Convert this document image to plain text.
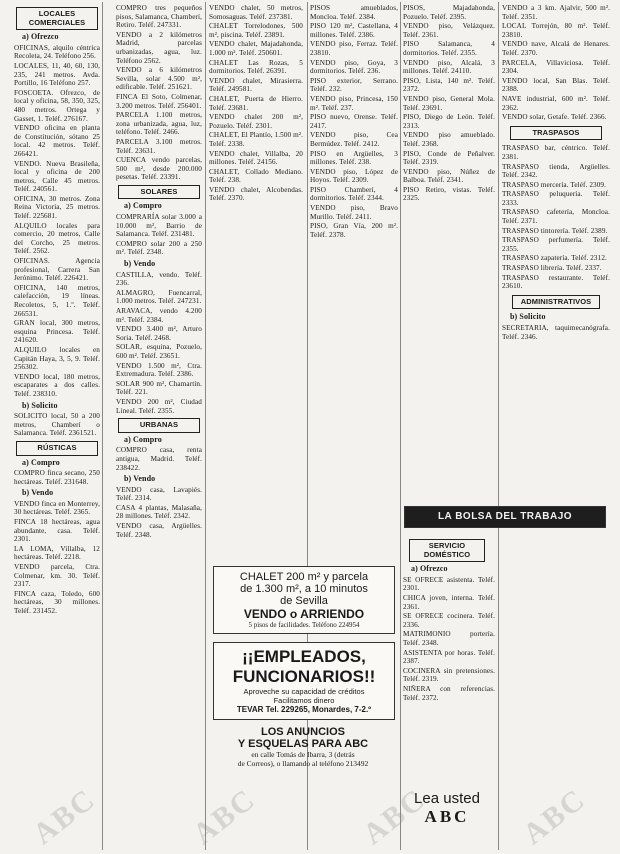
LOCALES COMERCIALES
a) Ofrezco

OFICINAS, alquilo céntrica Recoleta, 24. Teléfono 256.

LOCALES, 11, 40, 60, 130, 235, 241 metros. Avda. Portillo, 16 Teléfono 257.

FOSCOETA. Ofrezco, de local y oficina, 58, 350, 325, 480 metros. Ortega y Gasset, 1. Teléf. 276167.

VENDO oficina en planta de Constitución, sótano 25 local. 42 metros. Teléf. 266421.

VENDO. Nueva Brasileña, local y oficina de 200 metros, Calle 45 metros. Teléf. 240561.

OFICINA, 30 metros. Zona Reina Victoria, 25 metros. Teléf. 225681.

ALQUILO locales para comercio, 20 metros, Calle del Corcho, 25 metros. Teléf. 2562.

OFICINAS. Agencia profesional, Carrera San Jerónimo. Teléf. 226421.

OFICINA, 140 metros, calefacción, 19 líneas. Recoletos, 5, 1.º. Teléf. 266531.

GRAN local, 300 metros, esquina Princesa. Teléf. 241620.

ALQUILO locales en Capitán Haya, 3, 5, 9. Teléf. 256302.

VENDO local, 180 metros, escaparates a dos calles. Teléf. 238310.

b) Solicito

SOLICITO local, 50 a 200 metros, Chamberí o Salamanca. Teléf. 2361521.

RÚSTICAS
a) Compro

COMPRO finca secano, 250 hectáreas. Teléf. 231648.

b) Vendo

VENDO finca en Monterrey, 30 hectáreas. Teléf. 2365.

FINCA 18 hectáreas, agua abundante, casa. Teléf. 2301.

LA LOMA, Villalba, 12 hectáreas. Teléf. 2218.

VENDO parcela, Ctra. Colmenar, km. 30. Teléf. 2317.

FINCA caza, Toledo, 600 hectáreas, 30 millones. Teléf. 231452.

COMPRO tres pequeños pisos, Salamanca, Chamberí, Retiro. Teléf. 247331.

VENDO a 2 kilómetros Madrid, parcelas urbanizadas, agua, luz. Teléfono 2562.

VENDO a 6 kilómetros Sevilla, solar 4.500 m², edificable. Teléf. 251621.

FINCA El Soto, Colmenar, 3.200 metros. Teléf. 256401.

PARCELA 1.100 metros, zona urbanizada, agua, luz, teléfono. Teléf. 2466.

PARCELA 3.100 metros. Teléf. 23631.

CUENCA vendo parcelas, 500 m², desde 200.000 pesetas. Teléf. 23391.

SOLARES
a) Compro

COMPRARÍA solar 3.000 a 10.000 m², Barrio de Salamanca. Teléf. 231481.

COMPRO solar 200 a 250 m². Teléf. 2348.

b) Vendo

CASTILLA, vendo. Teléf. 236.

ALMAGRO, Fuencarral, 1.000 metros. Teléf. 247231.

ARAVACA, vendo 4.200 m². Teléf. 2384.

VENDO 3.400 m², Arturo Soria. Teléf. 2468.

SOLAR, esquina, Pozuelo, 600 m². Teléf. 23651.

VENDO 1.500 m², Ctra. Extremadura. Teléf. 2386.

SOLAR 900 m², Chamartín. Teléf. 221.

VENDO 200 m², Ciudad Lineal. Teléf. 2355.

URBANAS
a) Compro

COMPRO casa, renta antigua, Madrid. Teléf. 238422.

b) Vendo

VENDO casa, Lavapiés. Teléf. 2314.

CASA 4 plantas, Malasaña, 28 millones. Teléf. 2342.

VENDO casa, Argüelles. Teléf. 2348.

VENDO chalet, 50 metros, Somosaguas. Teléf. 237381.

CHALET Torrelodones, 500 m², piscina. Teléf. 23891.

VENDO chalet, Majadahonda, 1.000 m². Teléf. 250601.

CHALET Las Rozas, 5 dormitorios. Teléf. 26391.

VENDO chalet, Mirasierra. Teléf. 249581.

CHALET, Puerta de Hierro. Teléf. 23681.

VENDO chalet 200 m², Pozuelo. Teléf. 2301.

CHALET, El Plantío, 1.500 m². Teléf. 2338.

VENDO chalet, Villalba, 20 millones. Teléf. 24156.

CHALET, Collado Mediano. Teléf. 238.

VENDO chalet, Alcobendas. Teléf. 2370.

PISOS amueblados, Moncloa. Teléf. 2384.

PISO 120 m², Castellana, 4 millones. Teléf. 2386.

VENDO piso, Ferraz. Teléf. 23810.

VENDO piso, Goya, 3 dormitorios. Teléf. 236.

PISO exterior, Serrano. Teléf. 232.

VENDO piso, Princesa, 150 m². Teléf. 237.

PISO nuevo, Orense. Teléf. 2417.

VENDO piso, Cea Bermúdez. Teléf. 2412.

PISO en Argüelles, 3 millones. Teléf. 238.

VENDO piso, López de Hoyos. Teléf. 2309.

PISO Chamberí, 4 dormitorios. Teléf. 2344.

VENDO piso, Bravo Murillo. Teléf. 2411.

PISO, Gran Vía, 200 m². Teléf. 2378.

PISOS, Majadahonda, Pozuelo. Teléf. 2395.

VENDO piso, Velázquez. Teléf. 2361.

PISO Salamanca, 4 dormitorios. Teléf. 2355.

VENDO piso, Alcalá, 3 millones. Teléf. 24110.

PISO, Lista, 140 m². Teléf. 2372.

VENDO piso, General Mola. Teléf. 23691.

PISO, Diego de León. Teléf. 2313.

VENDO piso amueblado. Teléf. 2368.

PISO, Conde de Peñalver. Teléf. 2319.

VENDO piso, Núñez de Balboa. Teléf. 2341.

PISO Retiro, vistas. Teléf. 2325.

SERVICIO DOMÉSTICO
a) Ofrezco

SE OFRECE asistenta. Teléf. 2301.

CHICA joven, interna. Teléf. 2361.

SE OFRECE cocinera. Teléf. 2336.

MATRIMONIO portería. Teléf. 2348.

ASISTENTA por horas. Teléf. 2387.

COCINERA sin pretensiones. Teléf. 2319.

NIÑERA con referencias. Teléf. 2372.

VENDO a 3 km. Ajalvir, 500 m². Teléf. 2351.

LOCAL Torrejón, 80 m². Teléf. 23810.

VENDO nave, Alcalá de Henares. Teléf. 2370.

PARCELA, Villaviciosa. Teléf. 2304.

VENDO local, San Blas. Teléf. 2388.

NAVE industrial, 600 m². Teléf. 2362.

VENDO solar, Getafe. Teléf. 2366.

TRASPASOS

TRASPASO bar, céntrico. Teléf. 2381.

TRASPASO tienda, Argüelles. Teléf. 2342.

TRASPASO mercería. Teléf. 2309.

TRASPASO peluquería. Teléf. 2333.

TRASPASO cafetería, Moncloa. Teléf. 2371.

TRASPASO tintorería. Teléf. 2389.

TRASPASO perfumería. Teléf. 2355.

TRASPASO zapatería. Teléf. 2312.

TRASPASO librería. Teléf. 2337.

TRASPASO restaurante. Teléf. 23610.

ADMINISTRATIVOS
b) Solicito

SECRETARIA, taquimecanógrafa. Teléf. 2346.

CHALET 200 m² y parcela
de 1.300 m², a 10 minutos
de Sevilla
VENDO o ARRIENDO
5 pisos de facilidades. Teléfono 224954
¡¡EMPLEADOS,
FUNCIONARIOS!!
Aproveche su capacidad de créditos
Facilitamos dinero
TEVAR Tel. 229265, Monardes, 7-2.º
LOS ANUNCIOS
Y ESQUELAS PARA ABC
en calle Tomás de Ibarra, 3 (detrás
de Correos), o llamando al teléfono 213492
LA BOLSA DEL TRABAJO
Lea usted
ABC
ABC	ABC	ABC	ABC
